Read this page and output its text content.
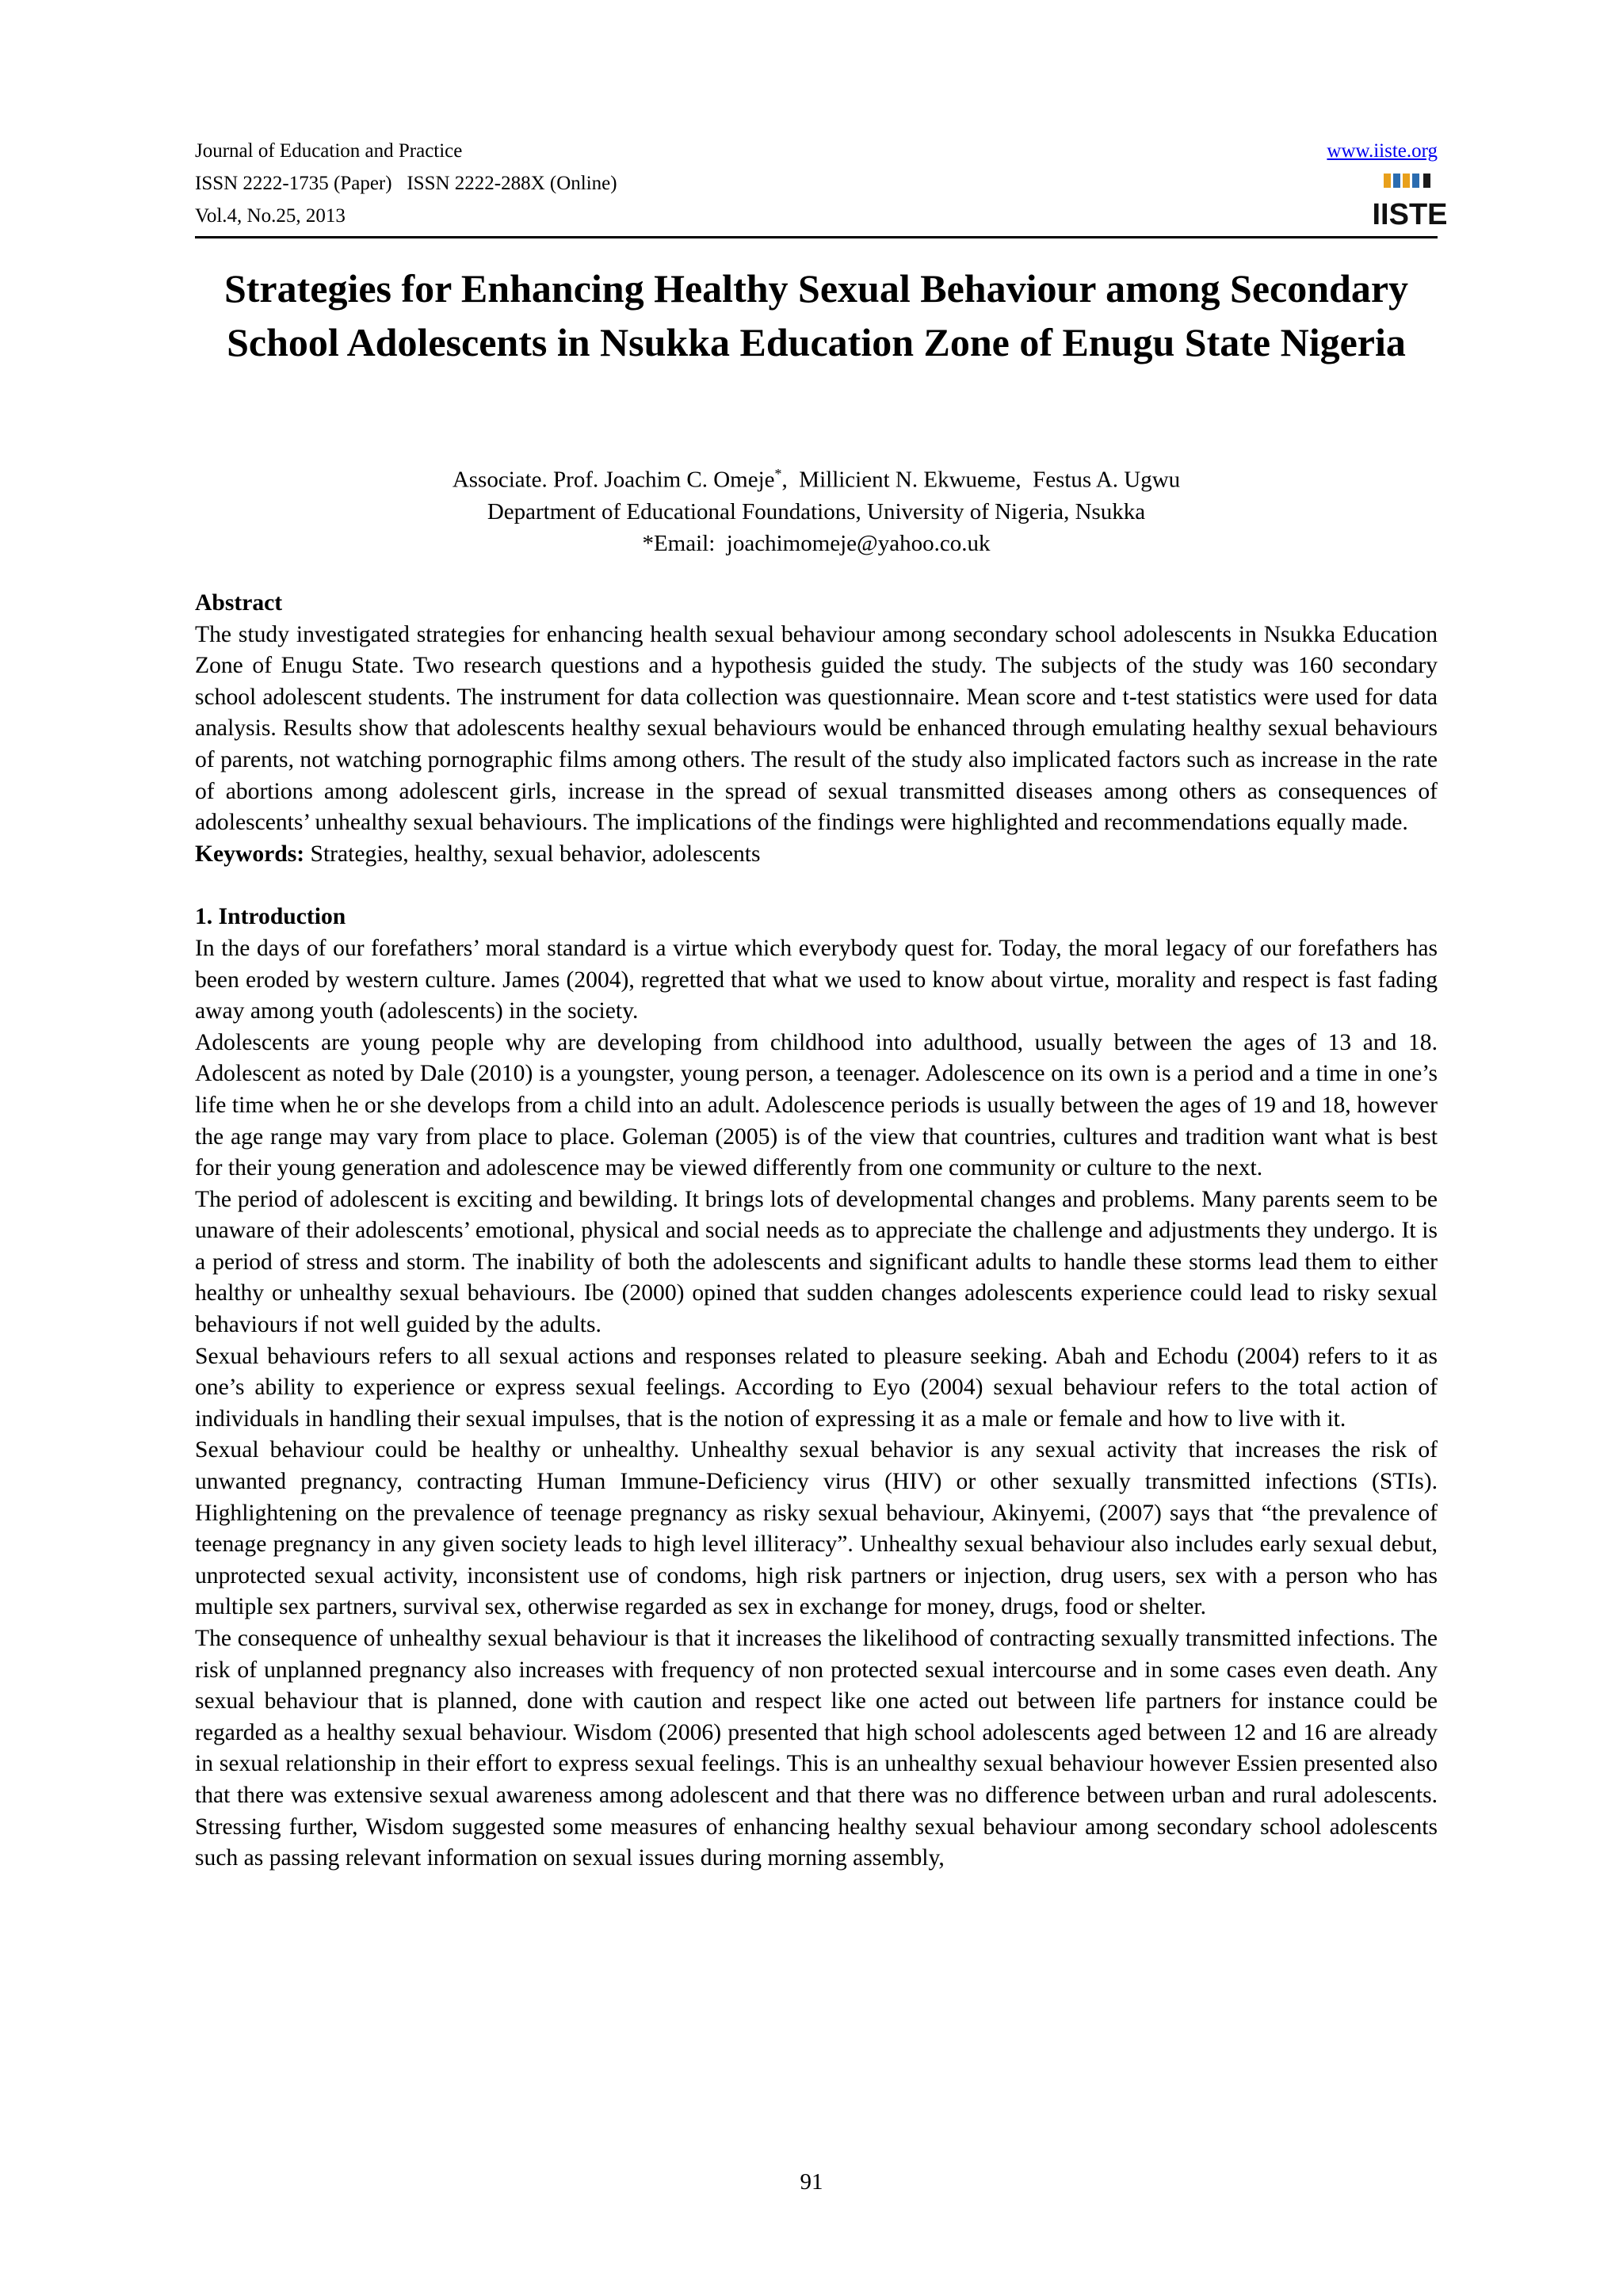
Journal of Education and Practice
ISSN 2222-1735 (Paper)   ISSN 2222-288X (Online)
Vol.4, No.25, 2013
www.iiste.org
IISTE
Strategies for Enhancing Healthy Sexual Behaviour among Secondary School Adolescents in Nsukka Education Zone of Enugu State Nigeria
Associate. Prof. Joachim C. Omeje*,  Millicient N. Ekwueme,  Festus A. Ugwu
Department of Educational Foundations, University of Nigeria, Nsukka
*Email:  joachimomeje@yahoo.co.uk

Abstract

The study investigated strategies for enhancing health sexual behaviour among secondary school adolescents in Nsukka Education Zone of Enugu State. Two research questions and a hypothesis guided the study. The subjects of the study was 160 secondary school adolescent students. The instrument for data collection was questionnaire. Mean score and t-test statistics were used for data analysis. Results show that adolescents healthy sexual behaviours would be enhanced through emulating healthy sexual behaviours of parents, not watching pornographic films among others. The result of the study also implicated factors such as increase in the rate of abortions among adolescent girls, increase in the spread of sexual transmitted diseases among others as consequences of adolescents’ unhealthy sexual behaviours. The implications of the findings were highlighted and recommendations equally made.

Keywords: Strategies, healthy, sexual behavior, adolescents

1. Introduction

In the days of our forefathers’ moral standard is a virtue which everybody quest for. Today, the moral legacy of our forefathers has been eroded by western culture. James (2004), regretted that what we used to know about virtue, morality and respect is fast fading away among youth (adolescents) in the society.

Adolescents are young people why are developing from childhood into adulthood, usually between the ages of 13 and 18. Adolescent as noted by Dale (2010) is a youngster, young person, a teenager. Adolescence on its own is a period and a time in one’s life time when he or she develops from a child into an adult. Adolescence periods is usually between the ages of 19 and 18, however the age range may vary from place to place. Goleman (2005) is of the view that countries, cultures and tradition want what is best for their young generation and adolescence may be viewed differently from one community or culture to the next.

The period of adolescent is exciting and bewilding. It brings lots of developmental changes and problems. Many parents seem to be unaware of their adolescents’ emotional, physical and social needs as to appreciate the challenge and adjustments they undergo. It is a period of stress and storm. The inability of both the adolescents and significant adults to handle these storms lead them to either healthy or unhealthy sexual behaviours. Ibe (2000) opined that sudden changes adolescents experience could lead to risky sexual behaviours if not well guided by the adults.

Sexual behaviours refers to all sexual actions and responses related to pleasure seeking. Abah and Echodu (2004) refers to it as one’s ability to experience or express sexual feelings. According to Eyo (2004) sexual behaviour refers to the total action of individuals in handling their sexual impulses, that is the notion of expressing it as a male or female and how to live with it.

Sexual behaviour could be healthy or unhealthy. Unhealthy sexual behavior is any sexual activity that increases the risk of unwanted pregnancy, contracting Human Immune-Deficiency virus (HIV) or other sexually transmitted infections (STIs). Highlightening on the prevalence of teenage pregnancy as risky sexual behaviour, Akinyemi, (2007) says that “the prevalence of teenage pregnancy in any given society leads to high level illiteracy”. Unhealthy sexual behaviour also includes early sexual debut, unprotected sexual activity, inconsistent use of condoms, high risk partners or injection, drug users, sex with a person who has multiple sex partners, survival sex, otherwise regarded as sex in exchange for money, drugs, food or shelter.

The consequence of unhealthy sexual behaviour is that it increases the likelihood of contracting sexually transmitted infections. The risk of unplanned pregnancy also increases with frequency of non protected sexual intercourse and in some cases even death. Any sexual behaviour that is planned, done with caution and respect like one acted out between life partners for instance could be regarded as a healthy sexual behaviour. Wisdom (2006) presented that high school adolescents aged between 12 and 16 are already in sexual relationship in their effort to express sexual feelings. This is an unhealthy sexual behaviour however Essien presented also that there was extensive sexual awareness among adolescent and that there was no difference between urban and rural adolescents. Stressing further, Wisdom suggested some measures of enhancing healthy sexual behaviour among secondary school adolescents such as passing relevant information on sexual issues during morning assembly,

91
